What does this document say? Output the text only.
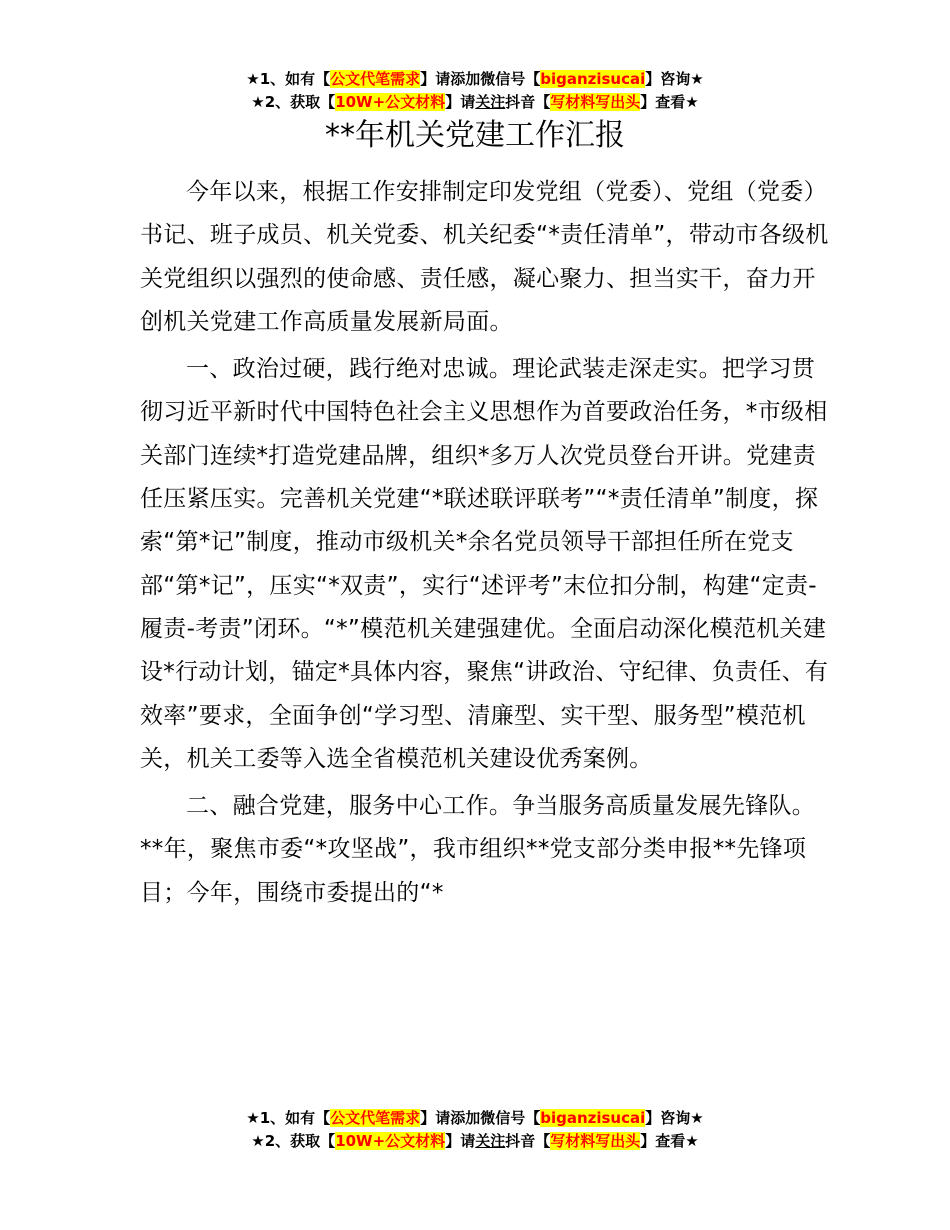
★1、如有【公文代笔需求】请添加微信号【biganzisucai】咨询★
★2、获取【10W+公文材料】请关注抖音【写材料写出头】查看★
**年机关党建工作汇报

今年以来，根据工作安排制定印发党组（党委）、党组（党委）书记、班子成员、机关党委、机关纪委“*责任清单”，带动市各级机关党组织以强烈的使命感、责任感，凝心聚力、担当实干，奋力开创机关党建工作高质量发展新局面。

一、政治过硬，践行绝对忠诚。理论武装走深走实。把学习贯彻习近平新时代中国特色社会主义思想作为首要政治任务，*市级相关部门连续*打造党建品牌，组织*多万人次党员登台开讲。党建责任压紧压实。完善机关党建“*联述联评联考”“*责任清单”制度，探索“第*记”制度，推动市级机关*余名党员领导干部担任所在党支部“第*记”，压实“*双责”，实行“述评考”末位扣分制，构建“定责-履责-考责”闭环。“*”模范机关建强建优。全面启动深化模范机关建设*行动计划，锚定*具体内容，聚焦“讲政治、守纪律、负责任、有效率”要求，全面争创“学习型、清廉型、实干型、服务型”模范机关，机关工委等入选全省模范机关建设优秀案例。

二、融合党建，服务中心工作。争当服务高质量发展先锋队。**年，聚焦市委“*攻坚战”，我市组织**党支部分类申报**先锋项目；今年，围绕市委提出的“*

★1、如有【公文代笔需求】请添加微信号【biganzisucai】咨询★
★2、获取【10W+公文材料】请关注抖音【写材料写出头】查看★
